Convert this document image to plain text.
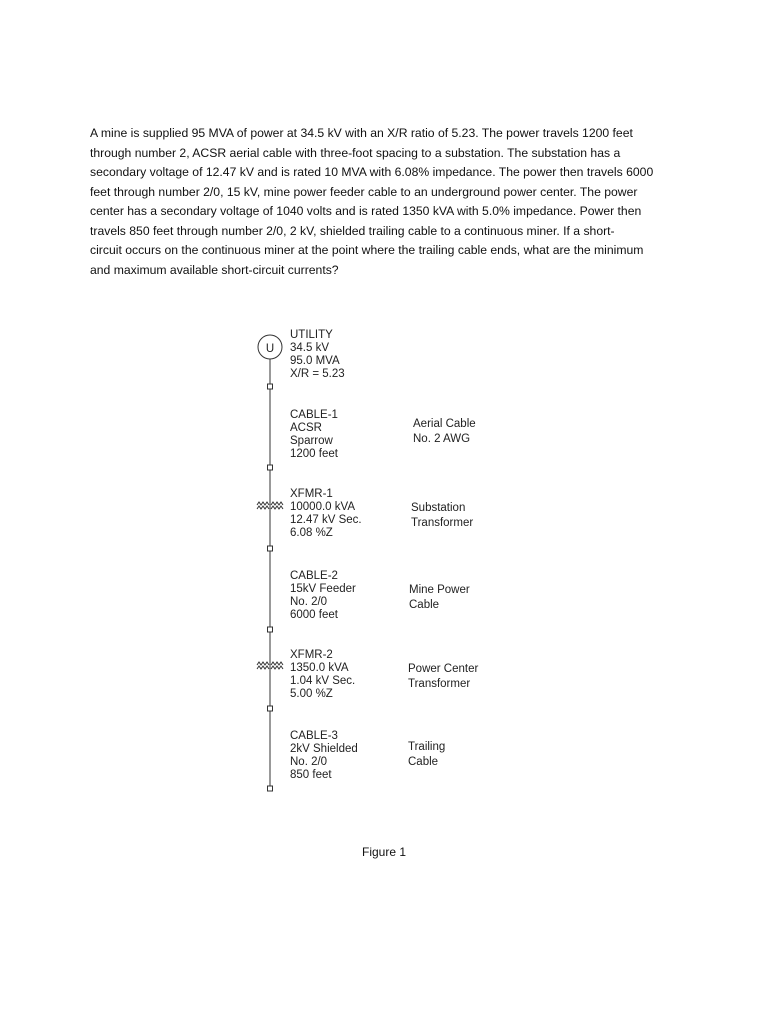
A mine is supplied 95 MVA of power at 34.5 kV with an X/R ratio of 5.23. The power travels 1200 feet
through number 2, ACSR aerial cable with three-foot spacing to a substation. The substation has a
secondary voltage of 12.47 kV and is rated 10 MVA with 6.08% impedance. The power then travels 6000
feet through number 2/0, 15 kV, mine power feeder cable to an underground power center. The power
center has a secondary voltage of 1040 volts and is rated 1350 kVA with 5.0% impedance. Power then
travels 850 feet through number 2/0, 2 kV, shielded trailing cable to a continuous miner. If a short-
circuit occurs on the continuous miner at the point where the trailing cable ends, what are the minimum
and maximum available short-circuit currents?
U
UTILITY
34.5 kV
95.0 MVA
X/R = 5.23
CABLE-1
ACSR
Sparrow
1200 feet
Aerial Cable
No. 2 AWG
XFMR-1
10000.0 kVA
12.47 kV Sec.
6.08 %Z
Substation
Transformer
CABLE-2
15kV Feeder
No. 2/0
6000 feet
Mine Power
Cable
XFMR-2
1350.0 kVA
1.04 kV Sec.
5.00 %Z
Power Center
Transformer
CABLE-3
2kV Shielded
No. 2/0
850 feet
Trailing
Cable
Figure 1
